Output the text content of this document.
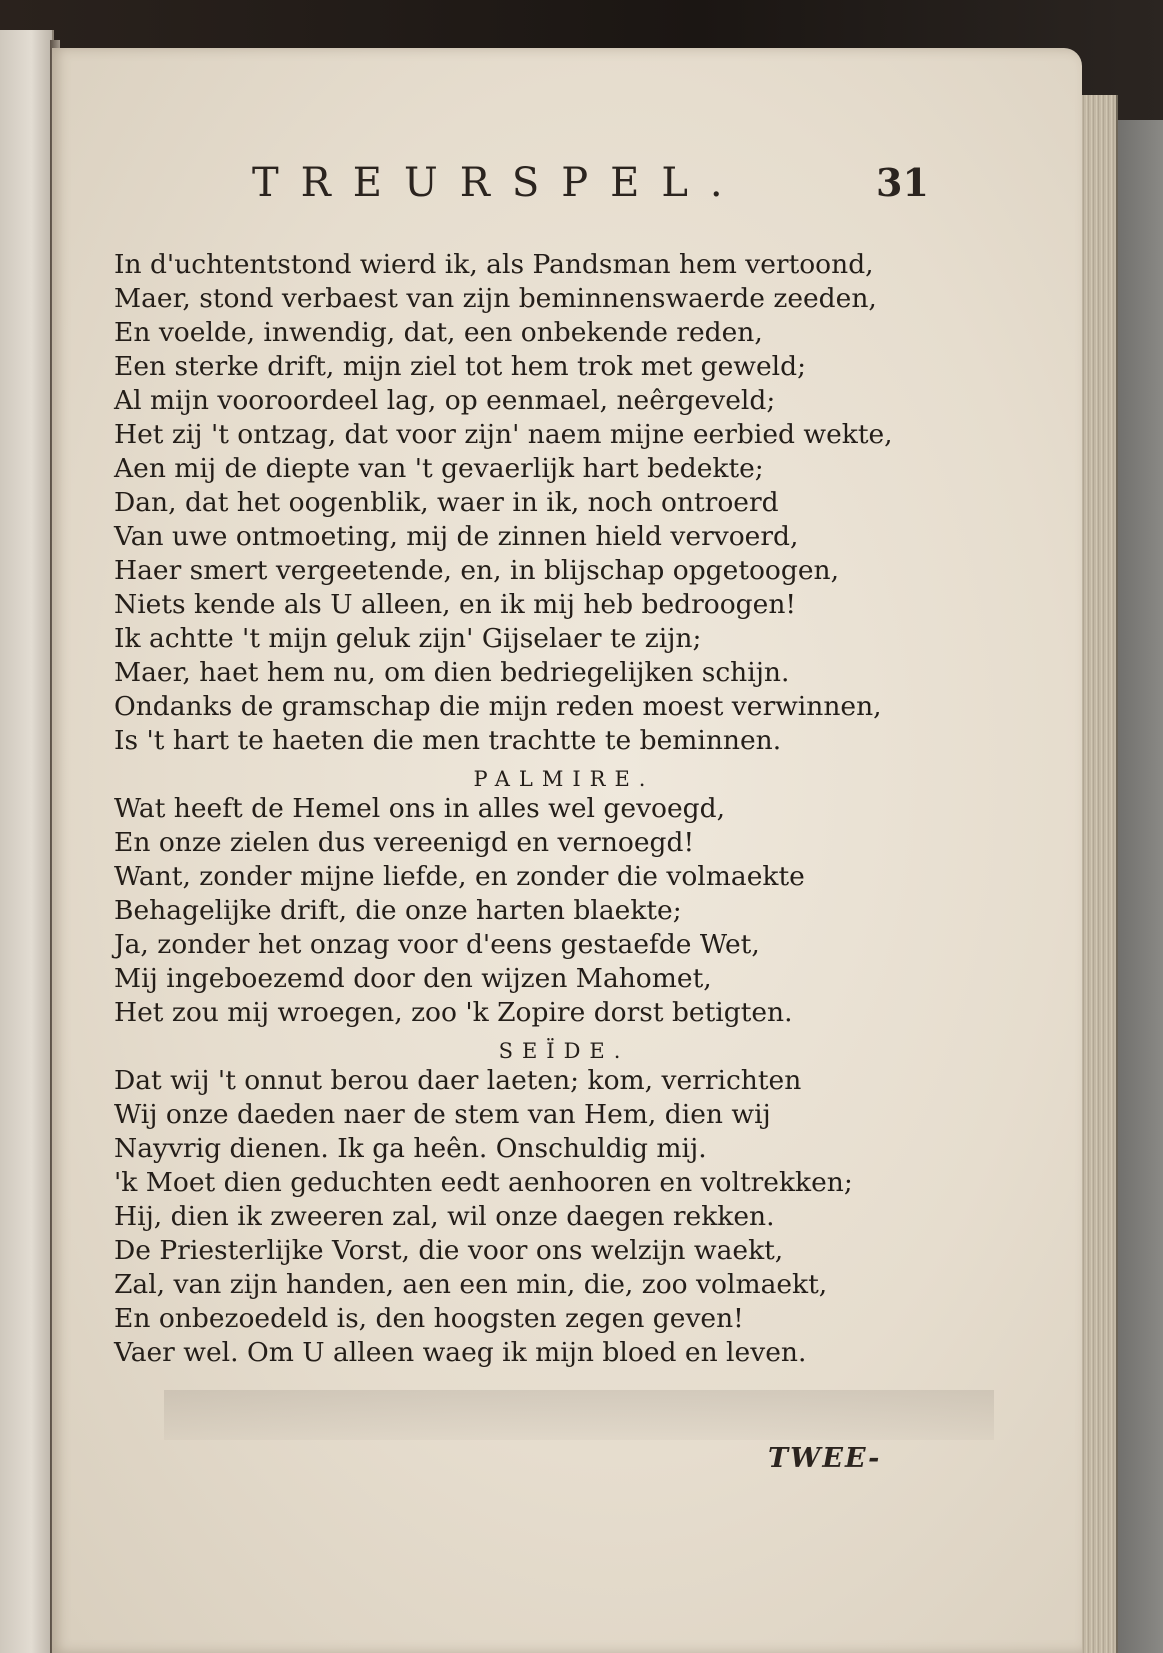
TREURSPEL.	31
In d'uchtentstond wierd ik, als Pandsman hem vertoond,
Maer, stond verbaest van zijn beminnenswaerde zeeden,
En voelde, inwendig, dat, een onbekende reden,
Een sterke drift, mijn ziel tot hem trok met geweld;
Al mijn vooroordeel lag, op eenmael, neêrgeveld;
Het zij 't ontzag, dat voor zijn' naem mijne eerbied wekte,
Aen mij de diepte van 't gevaerlijk hart bedekte;
Dan, dat het oogenblik, waer in ik, noch ontroerd
Van uwe ontmoeting, mij de zinnen hield vervoerd,
Haer smert vergeetende, en, in blijschap opgetoogen,
Niets kende als U alleen, en ik mij heb bedroogen!
Ik achtte 't mijn geluk zijn' Gijselaer te zijn;
Maer, haet hem nu, om dien bedriegelijken schijn.
Ondanks de gramschap die mijn reden moest verwinnen,
Is 't hart te haeten die men trachtte te beminnen.
PALMIRE.
Wat heeft de Hemel ons in alles wel gevoegd,
En onze zielen dus vereenigd en vernoegd!
Want, zonder mijne liefde, en zonder die volmaekte
Behagelijke drift, die onze harten blaekte;
Ja, zonder het onzag voor d'eens gestaefde Wet,
Mij ingeboezemd door den wijzen Mahomet,
Het zou mij wroegen, zoo 'k Zopire dorst betigten.
SEÏDE.
Dat wij 't onnut berou daer laeten; kom, verrichten
Wij onze daeden naer de stem van Hem, dien wij
Nayvrig dienen. Ik ga heên. Onschuldig mij.
'k Moet dien geduchten eedt aenhooren en voltrekken;
Hij, dien ik zweeren zal, wil onze daegen rekken.
De Priesterlijke Vorst, die voor ons welzijn waekt,
Zal, van zijn handen, aen een min, die, zoo volmaekt,
En onbezoedeld is, den hoogsten zegen geven!
Vaer wel. Om U alleen waeg ik mijn bloed en leven.
TWEE-
